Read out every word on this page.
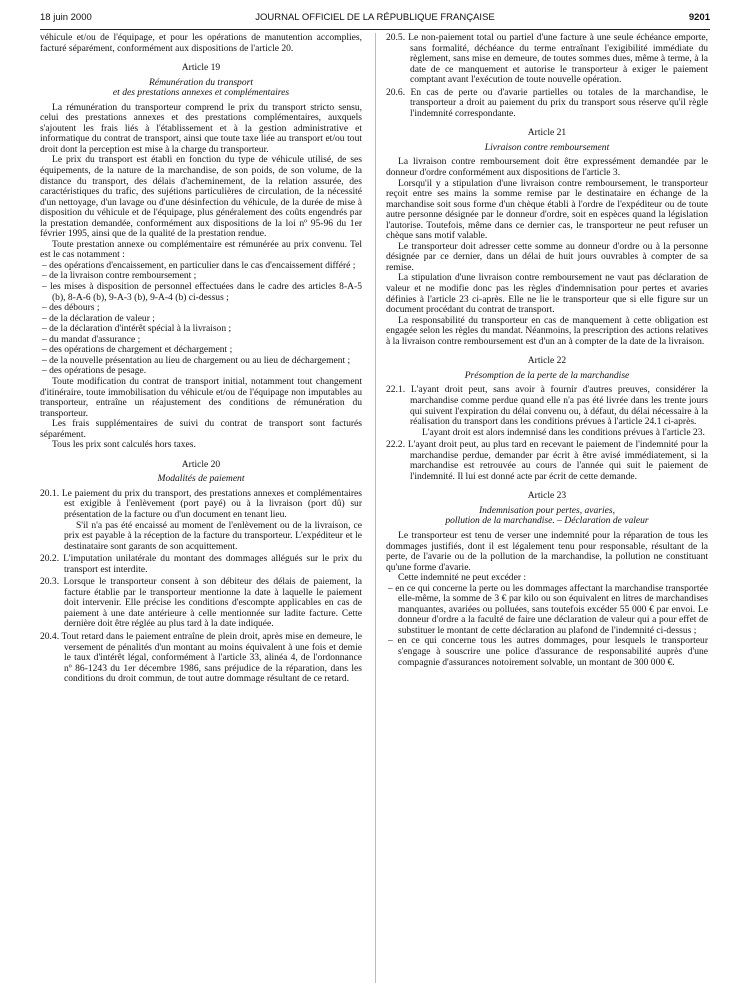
18 juin 2000	JOURNAL OFFICIEL DE LA RÉPUBLIQUE FRANÇAISE	9201

véhicule et/ou de l'équipage, et pour les opérations de manutention accomplies, facturé séparément, conformément aux dispositions de l'article 20.

Article 19

Rémunération du transport
et des prestations annexes et complémentaires

La rémunération du transporteur comprend le prix du transport stricto sensu, celui des prestations annexes et des prestations complémentaires, auxquels s'ajoutent les frais liés à l'établissement et à la gestion administrative et informatique du contrat de transport, ainsi que toute taxe liée au transport et/ou tout droit dont la perception est mise à la charge du transporteur.

Le prix du transport est établi en fonction du type de véhicule utilisé, de ses équipements, de la nature de la marchandise, de son poids, de son volume, de la distance du transport, des délais d'acheminement, de la relation assurée, des caractéristiques du trafic, des sujétions particulières de circulation, de la nécessité d'un nettoyage, d'un lavage ou d'une désinfection du véhicule, de la durée de mise à disposition du véhicule et de l'équipage, plus généralement des coûts engendrés par la prestation demandée, conformément aux dispositions de la loi nº 95-96 du 1er février 1995, ainsi que de la qualité de la prestation rendue.

Toute prestation annexe ou complémentaire est rémunérée au prix convenu. Tel est le cas notamment :

– des opérations d'encaissement, en particulier dans le cas d'encaissement différé ;

– de la livraison contre remboursement ;

– les mises à disposition de personnel effectuées dans le cadre des articles 8-A-5 (b), 8-A-6 (b), 9-A-3 (b), 9-A-4 (b) ci-dessus ;

– des débours ;

– de la déclaration de valeur ;

– de la déclaration d'intérêt spécial à la livraison ;

– du mandat d'assurance ;

– des opérations de chargement et déchargement ;

– de la nouvelle présentation au lieu de chargement ou au lieu de déchargement ;

– des opérations de pesage.

Toute modification du contrat de transport initial, notamment tout changement d'itinéraire, toute immobilisation du véhicule et/ou de l'équipage non imputables au transporteur, entraîne un réajustement des conditions de rémunération du transporteur.

Les frais supplémentaires de suivi du contrat de transport sont facturés séparément.

Tous les prix sont calculés hors taxes.

Article 20

Modalités de paiement

20.1. Le paiement du prix du transport, des prestations annexes et complémentaires est exigible à l'enlèvement (port payé) ou à la livraison (port dû) sur présentation de la facture ou d'un document en tenant lieu.

S'il n'a pas été encaissé au moment de l'enlèvement ou de la livraison, ce prix est payable à la réception de la facture du transporteur. L'expéditeur et le destinataire sont garants de son acquittement.

20.2. L'imputation unilatérale du montant des dommages allégués sur le prix du transport est interdite.

20.3. Lorsque le transporteur consent à son débiteur des délais de paiement, la facture établie par le transporteur mentionne la date à laquelle le paiement doit intervenir. Elle précise les conditions d'escompte applicables en cas de paiement à une date antérieure à celle mentionnée sur ladite facture. Cette dernière doit être réglée au plus tard à la date indiquée.

20.4. Tout retard dans le paiement entraîne de plein droit, après mise en demeure, le versement de pénalités d'un montant au moins équivalent à une fois et demie le taux d'intérêt légal, conformément à l'article 33, alinéa 4, de l'ordonnance nº 86-1243 du 1er décembre 1986, sans préjudice de la réparation, dans les conditions du droit commun, de tout autre dommage résultant de ce retard.

20.5. Le non-paiement total ou partiel d'une facture à une seule échéance emporte, sans formalité, déchéance du terme entraînant l'exigibilité immédiate du règlement, sans mise en demeure, de toutes sommes dues, même à terme, à la date de ce manquement et autorise le transporteur à exiger le paiement comptant avant l'exécution de toute nouvelle opération.

20.6. En cas de perte ou d'avarie partielles ou totales de la marchandise, le transporteur a droit au paiement du prix du transport sous réserve qu'il règle l'indemnité correspondante.

Article 21

Livraison contre remboursement

La livraison contre remboursement doit être expressément demandée par le donneur d'ordre conformément aux dispositions de l'article 3.

Lorsqu'il y a stipulation d'une livraison contre remboursement, le transporteur reçoit entre ses mains la somme remise par le destinataire en échange de la marchandise soit sous forme d'un chèque établi à l'ordre de l'expéditeur ou de toute autre personne désignée par le donneur d'ordre, soit en espèces quand la législation l'autorise. Toutefois, même dans ce dernier cas, le transporteur ne peut refuser un chèque sans motif valable.

Le transporteur doit adresser cette somme au donneur d'ordre ou à la personne désignée par ce dernier, dans un délai de huit jours ouvrables à compter de sa remise.

La stipulation d'une livraison contre remboursement ne vaut pas déclaration de valeur et ne modifie donc pas les règles d'indemnisation pour pertes et avaries définies à l'article 23 ci-après. Elle ne lie le transporteur que si elle figure sur un document procédant du contrat de transport.

La responsabilité du transporteur en cas de manquement à cette obligation est engagée selon les règles du mandat. Néanmoins, la prescription des actions relatives à la livraison contre remboursement est d'un an à compter de la date de la livraison.

Article 22

Présomption de la perte de la marchandise

22.1. L'ayant droit peut, sans avoir à fournir d'autres preuves, considérer la marchandise comme perdue quand elle n'a pas été livrée dans les trente jours qui suivent l'expiration du délai convenu ou, à défaut, du délai nécessaire à la réalisation du transport dans les conditions prévues à l'article 24.1 ci-après.

L'ayant droit est alors indemnisé dans les conditions prévues à l'article 23.

22.2. L'ayant droit peut, au plus tard en recevant le paiement de l'indemnité pour la marchandise perdue, demander par écrit à être avisé immédiatement, si la marchandise est retrouvée au cours de l'année qui suit le paiement de l'indemnité. Il lui est donné acte par écrit de cette demande.

Article 23

Indemnisation pour pertes, avaries,
pollution de la marchandise. – Déclaration de valeur

Le transporteur est tenu de verser une indemnité pour la réparation de tous les dommages justifiés, dont il est légalement tenu pour responsable, résultant de la perte, de l'avarie ou de la pollution de la marchandise, la pollution ne constituant qu'une forme d'avarie.

Cette indemnité ne peut excéder :

– en ce qui concerne la perte ou les dommages affectant la marchandise transportée elle-même, la somme de 3 € par kilo ou son équivalent en litres de marchandises manquantes, avariées ou polluées, sans toutefois excéder 55 000 € par envoi. Le donneur d'ordre a la faculté de faire une déclaration de valeur qui a pour effet de substituer le montant de cette déclaration au plafond de l'indemnité ci-dessus ;

– en ce qui concerne tous les autres dommages, pour lesquels le transporteur s'engage à souscrire une police d'assurance de responsabilité auprès d'une compagnie d'assurances notoirement solvable, un montant de 300 000 €.
